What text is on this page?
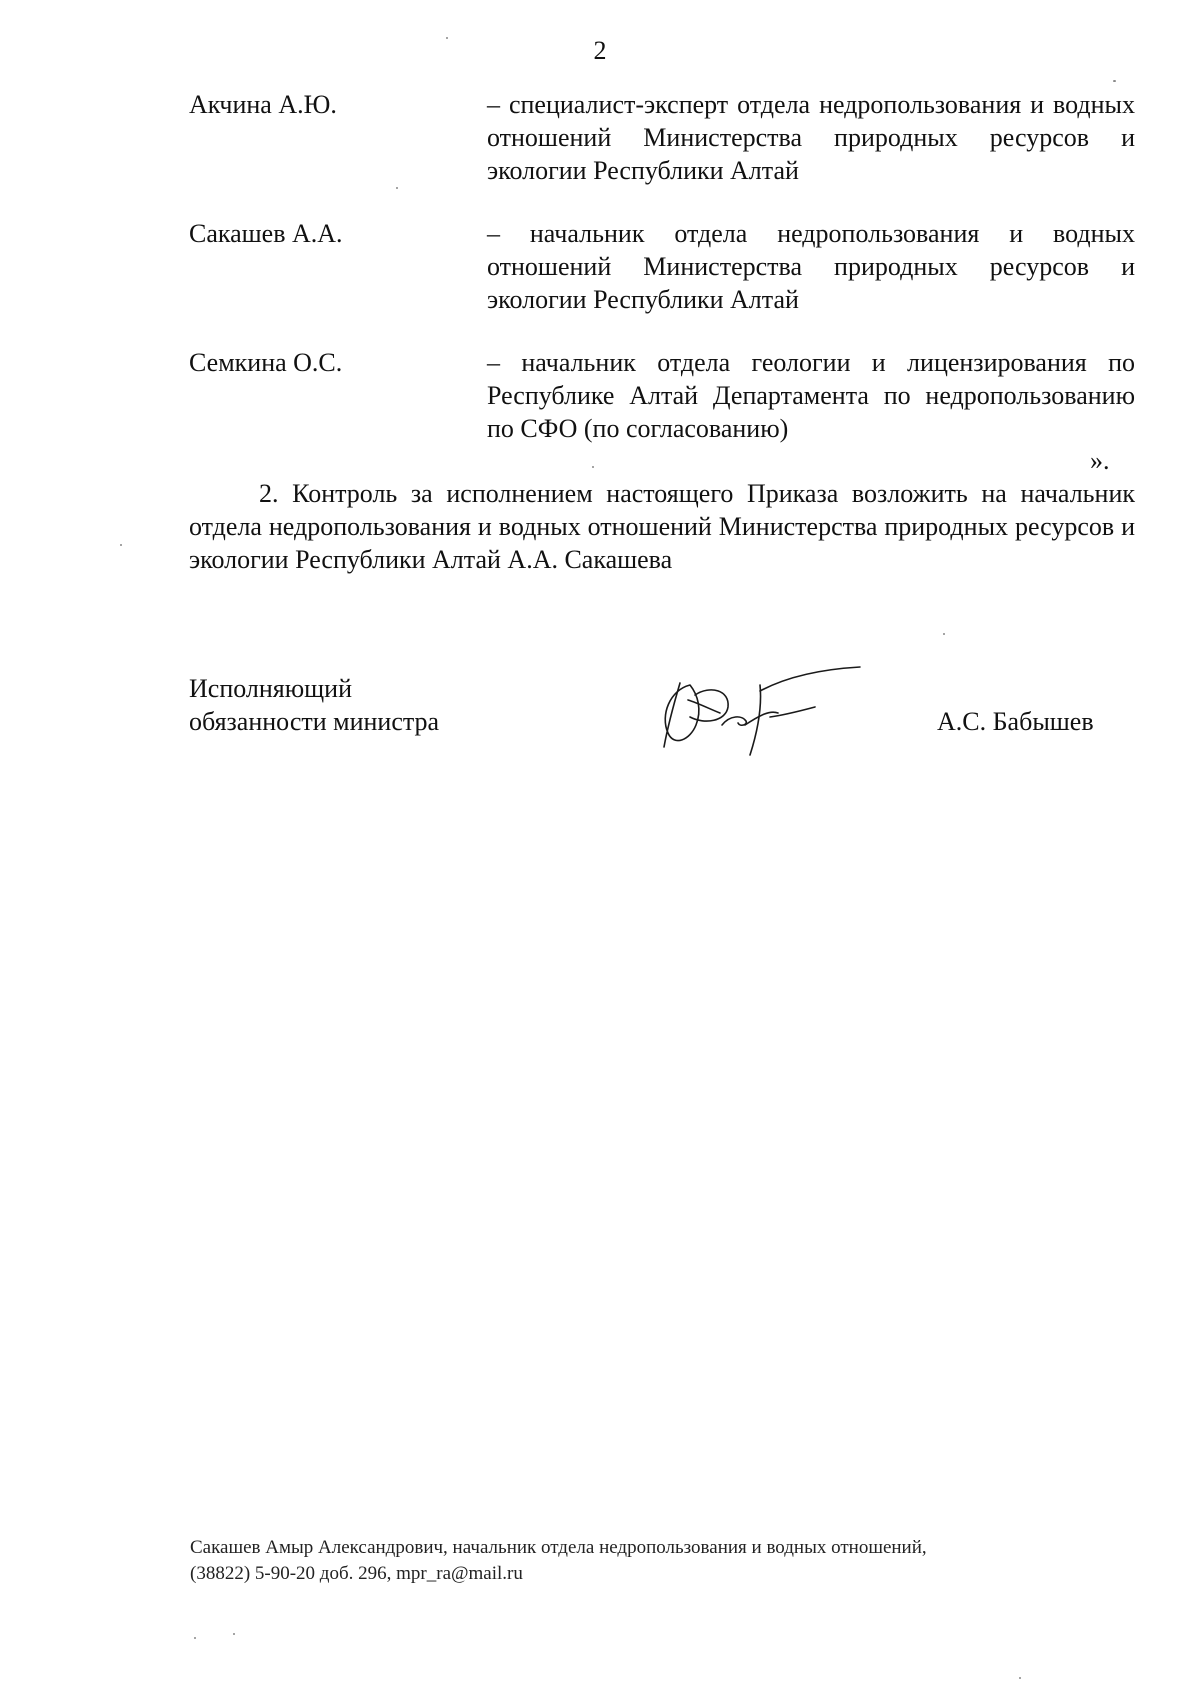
2
Акчина А.Ю.	– специалист-эксперт отдела недропользования и водных отношений Министерства природных ресурсов и экологии Республики Алтай
Сакашев А.А.	– начальник отдела недропользования и водных отношений Министерства природных ресурсов и экологии Республики Алтай
Семкина О.С.	– начальник отдела геологии и лицензирования по Республике Алтай Департамента по недропользованию по СФО (по согласованию)
».
2. Контроль за исполнением настоящего Приказа возложить на начальник отдела недропользования и водных отношений Министерства природных ресурсов и экологии Республики Алтай А.А. Сакашева
Исполняющий
обязанности министра	А.С. Бабышев
Сакашев Амыр Александрович, начальник отдела недропользования и водных отношений,
(38822) 5-90-20 доб. 296, mpr_ra@mail.ru
